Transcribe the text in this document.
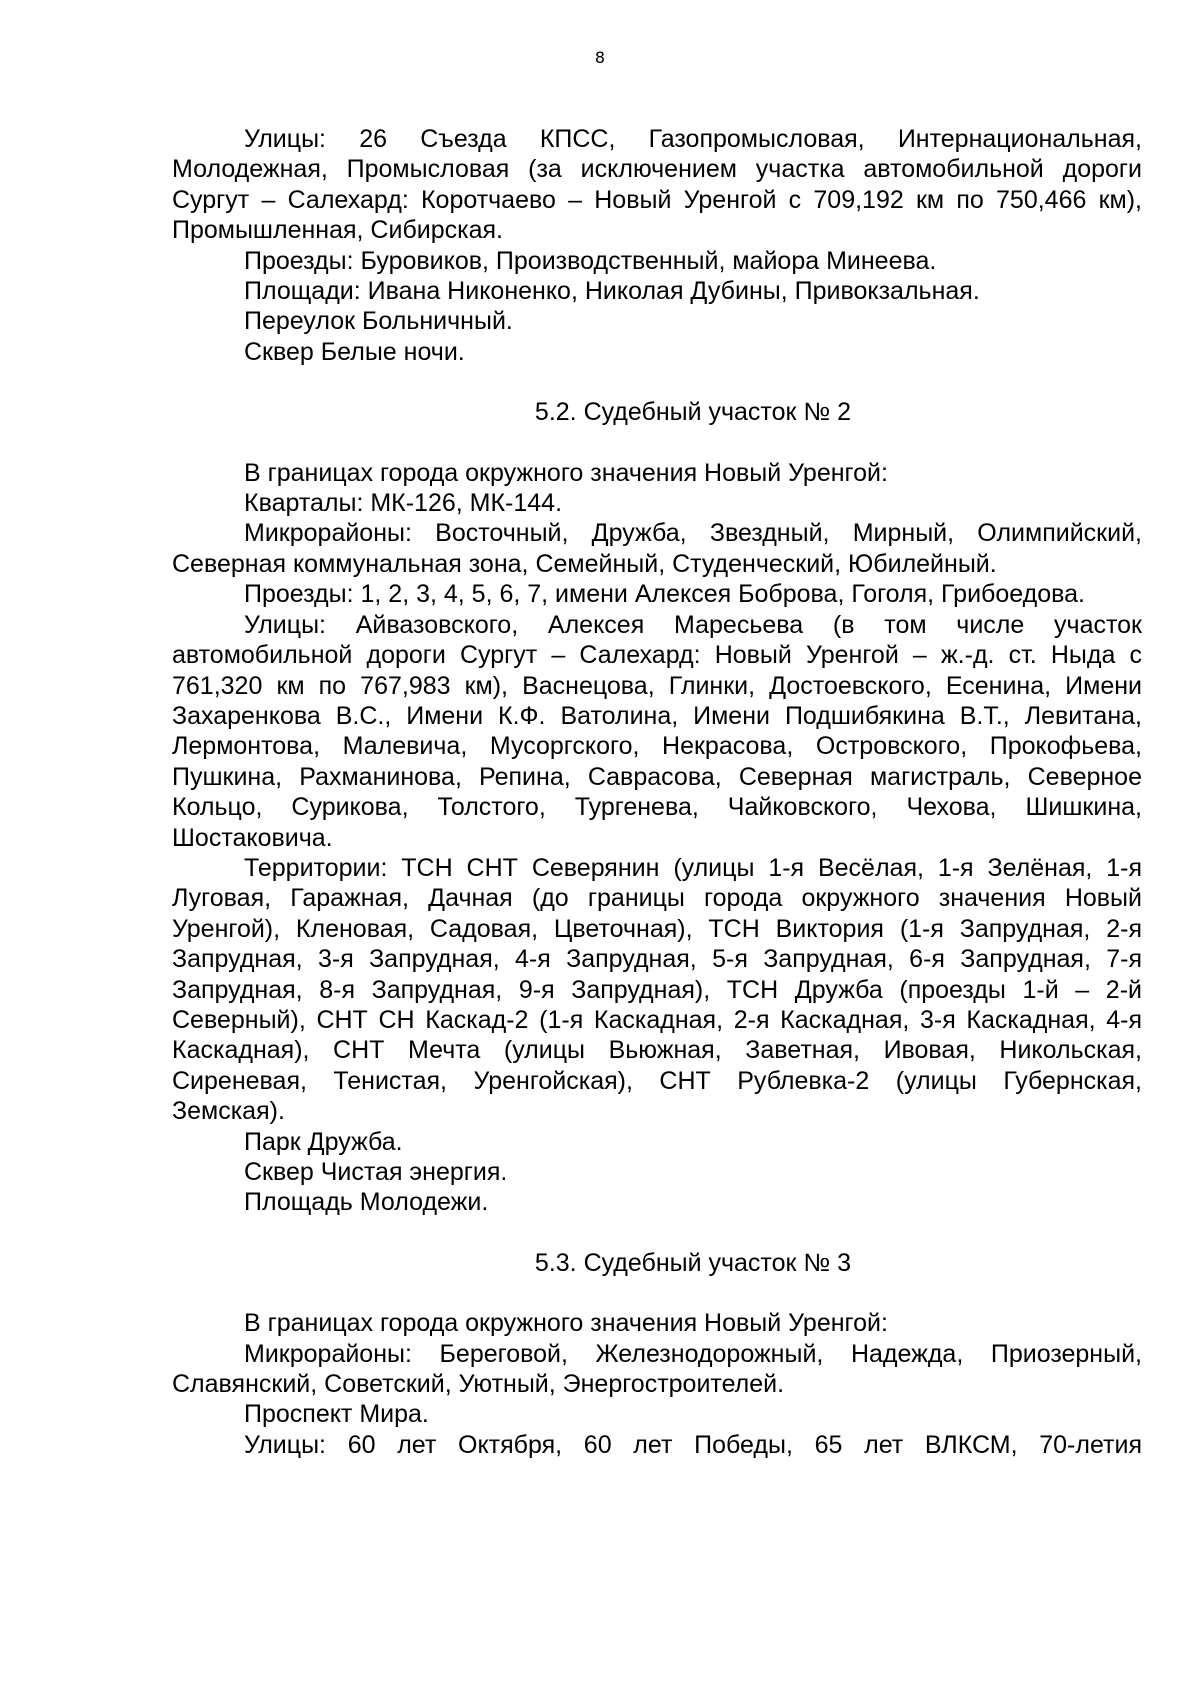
8

Улицы: 26 Съезда КПСС, Газопромысловая, Интернациональная, Молодежная, Промысловая (за исключением участка автомобильной дороги Сургут – Салехард: Коротчаево – Новый Уренгой с 709,192 км по 750,466 км), Промышленная, Сибирская.

Проезды: Буровиков, Производственный, майора Минеева.

Площади: Ивана Никоненко, Николая Дубины, Привокзальная.

Переулок Больничный.

Сквер Белые ночи.

5.2. Судебный участок № 2

В границах города окружного значения Новый Уренгой:

Кварталы: МК-126, МК-144.

Микрорайоны: Восточный, Дружба, Звездный, Мирный, Олимпийский, Северная коммунальная зона, Семейный, Студенческий, Юбилейный.

Проезды: 1, 2, 3, 4, 5, 6, 7, имени Алексея Боброва, Гоголя, Грибоедова.

Улицы: Айвазовского, Алексея Маресьева (в том числе участок автомобильной дороги Сургут – Салехард: Новый Уренгой – ж.-д. ст. Ныда с 761,320 км по 767,983 км), Васнецова, Глинки, Достоевского, Есенина, Имени Захаренкова В.С., Имени К.Ф. Ватолина, Имени Подшибякина В.Т., Левитана, Лермонтова, Малевича, Мусоргского, Некрасова, Островского, Прокофьева, Пушкина, Рахманинова, Репина, Саврасова, Северная магистраль, Северное Кольцо, Сурикова, Толстого, Тургенева, Чайковского, Чехова, Шишкина, Шостаковича.

Территории: ТСН СНТ Северянин (улицы 1-я Весёлая, 1-я Зелёная, 1-я Луговая, Гаражная, Дачная (до границы города окружного значения Новый Уренгой), Кленовая, Садовая, Цветочная), ТСН Виктория (1-я Запрудная, 2-я Запрудная, 3-я Запрудная, 4-я Запрудная, 5-я Запрудная, 6-я Запрудная, 7-я Запрудная, 8-я Запрудная, 9-я Запрудная), ТСН Дружба (проезды 1-й – 2-й Северный), СНТ СН Каскад-2 (1-я Каскадная, 2-я Каскадная, 3-я Каскадная, 4-я Каскадная), СНТ Мечта (улицы Вьюжная, Заветная, Ивовая, Никольская, Сиреневая, Тенистая, Уренгойская), СНТ Рублевка-2 (улицы Губернская, Земская).

Парк Дружба.

Сквер Чистая энергия.

Площадь Молодежи.

5.3. Судебный участок № 3

В границах города окружного значения Новый Уренгой:

Микрорайоны: Береговой, Железнодорожный, Надежда, Приозерный, Славянский, Советский, Уютный, Энергостроителей.

Проспект Мира.

Улицы: 60 лет Октября, 60 лет Победы, 65 лет ВЛКСМ, 70-летия
